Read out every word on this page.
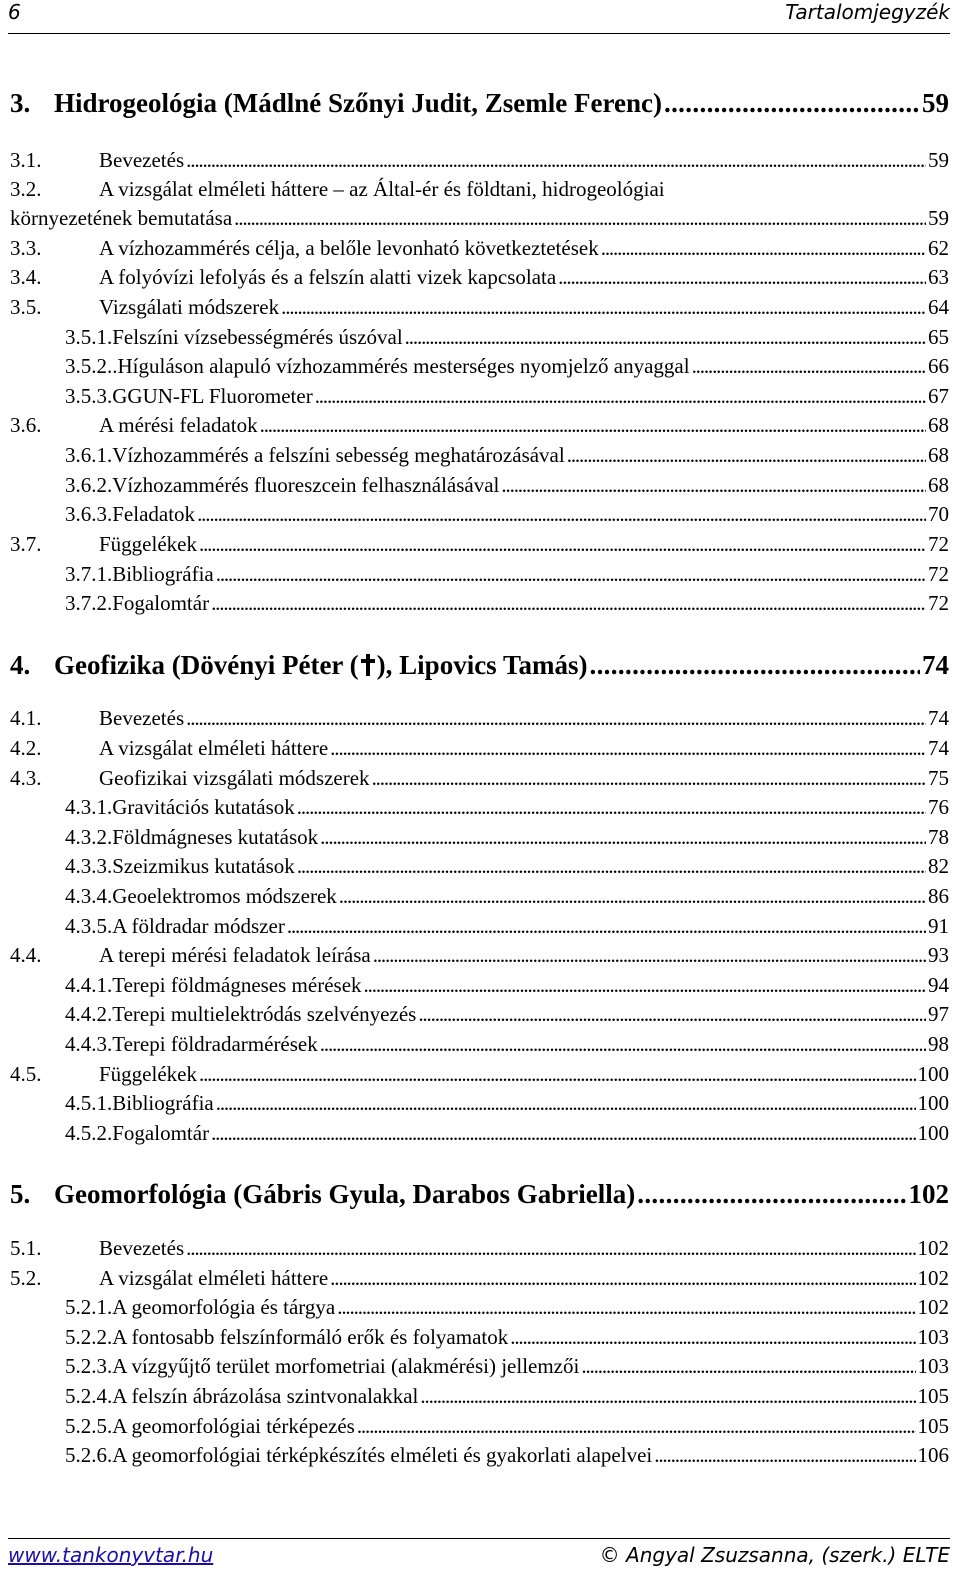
6	Tartalomjegyzék
3. Hidrogeológia (Mádlné Szőnyi Judit, Zsemle Ferenc) . . .	59
3.1.	Bevezetés . . .	59
3.2.	A vizsgálat elméleti háttere – az Által-ér és földtani, hidrogeológiai
környezetének bemutatása . . .	59
3.3.	A vízhozammérés célja, a belőle levonható következtetések . . .	62
3.4.	A folyóvízi lefolyás és a felszín alatti vizek kapcsolata . . .	63
3.5.	Vizsgálati módszerek . . .	64
3.5.1. Felszíni vízsebességmérés úszóval . . .	65
3.5.2. .Híguláson alapuló vízhozammérés mesterséges nyomjelző anyaggal . . .	66
3.5.3. GGUN-FL Fluorometer . . .	67
3.6.	A mérési feladatok . . .	68
3.6.1. Vízhozammérés a felszíni sebesség meghatározásával . . .	68
3.6.2. Vízhozammérés fluoreszcein felhasználásával . . .	68
3.6.3. Feladatok . . .	70
3.7.	Függelékek . . .	72
3.7.1. Bibliográfia . . .	72
3.7.2. Fogalomtár . . .	72
4. Geofizika (Dövényi Péter ( ), Lipovics Tamás) . . .	74
4.1.	Bevezetés . . .	74
4.2.	A vizsgálat elméleti háttere . . .	74
4.3.	Geofizikai vizsgálati módszerek . . .	75
4.3.1. Gravitációs kutatások . . .	76
4.3.2. Földmágneses kutatások . . .	78
4.3.3. Szeizmikus kutatások . . .	82
4.3.4. Geoelektromos módszerek . . .	86
4.3.5. A földradar módszer . . .	91
4.4.	A terepi mérési feladatok leírása . . .	93
4.4.1. Terepi földmágneses mérések . . .	94
4.4.2. Terepi multielektródás szelvényezés . . .	97
4.4.3. Terepi földradarmérések . . .	98
4.5.	Függelékek . . .	100
4.5.1. Bibliográfia . . .	100
4.5.2. Fogalomtár . . .	100
5. Geomorfológia (Gábris Gyula, Darabos Gabriella) . . .	102
5.1.	Bevezetés . . .	102
5.2.	A vizsgálat elméleti háttere . . .	102
5.2.1. A geomorfológia és tárgya . . .	102
5.2.2. A fontosabb felszínformáló erők és folyamatok . . .	103
5.2.3. A vízgyűjtő terület morfometriai (alakmérési) jellemzői . . .	103
5.2.4. A felszín ábrázolása szintvonalakkal . . .	105
5.2.5. A geomorfológiai térképezés . . .	105
5.2.6. A geomorfológiai térképkészítés elméleti és gyakorlati alapelvei . . .	106
www.tankonyvtar.hu	© Angyal Zsuzsanna, (szerk.) ELTE
